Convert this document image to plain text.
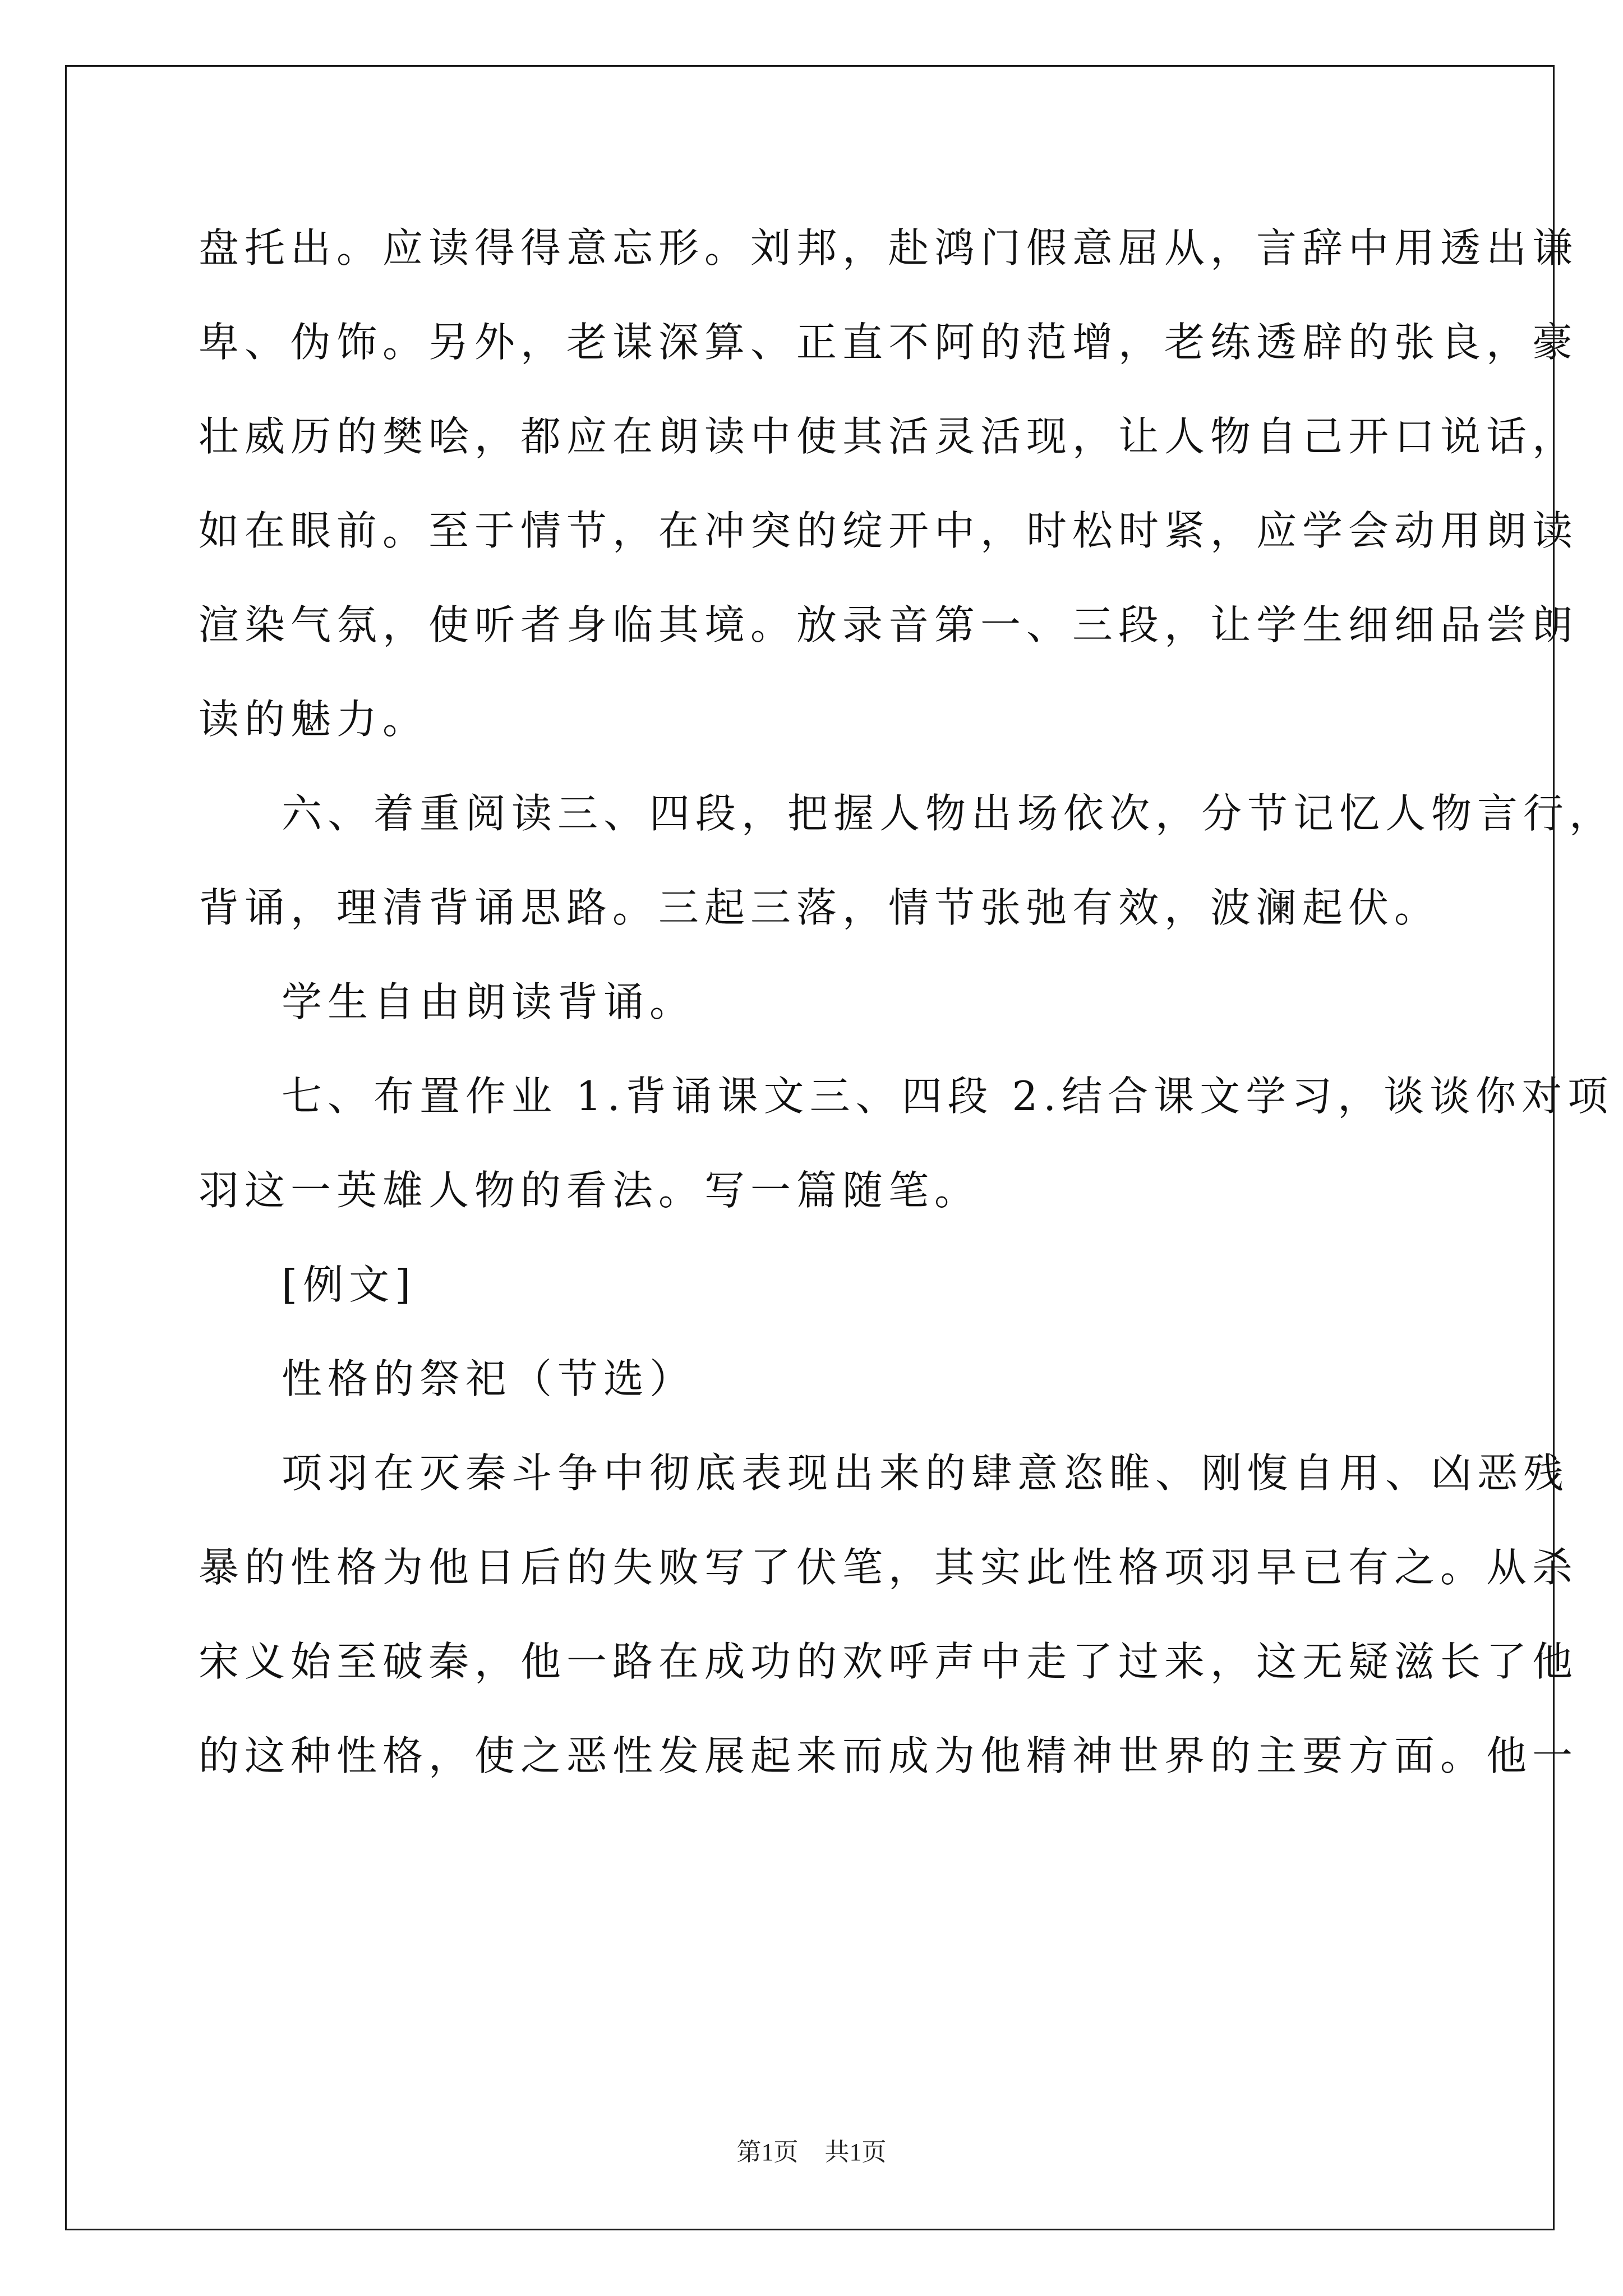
盘托出。应读得得意忘形。刘邦，赴鸿门假意屈从，言辞中用透出谦
卑、伪饰。另外，老谋深算、正直不阿的范增，老练透辟的张良，豪
壮威历的樊哙，都应在朗读中使其活灵活现，让人物自己开口说话，
如在眼前。至于情节，在冲突的绽开中，时松时紧，应学会动用朗读
渲染气氛，使听者身临其境。放录音第一、三段，让学生细细品尝朗
读的魅力。
六、着重阅读三、四段，把握人物出场依次，分节记忆人物言行，
背诵，理清背诵思路。三起三落，情节张弛有效，波澜起伏。
学生自由朗读背诵。
七、布置作业 1.背诵课文三、四段 2.结合课文学习，谈谈你对项
羽这一英雄人物的看法。写一篇随笔。
[例文]
性格的祭祀（节选）
项羽在灭秦斗争中彻底表现出来的肆意恣睢、刚愎自用、凶恶残
暴的性格为他日后的失败写了伏笔，其实此性格项羽早已有之。从杀
宋义始至破秦，他一路在成功的欢呼声中走了过来，这无疑滋长了他
的这种性格，使之恶性发展起来而成为他精神世界的主要方面。他一
第1页 共1页
